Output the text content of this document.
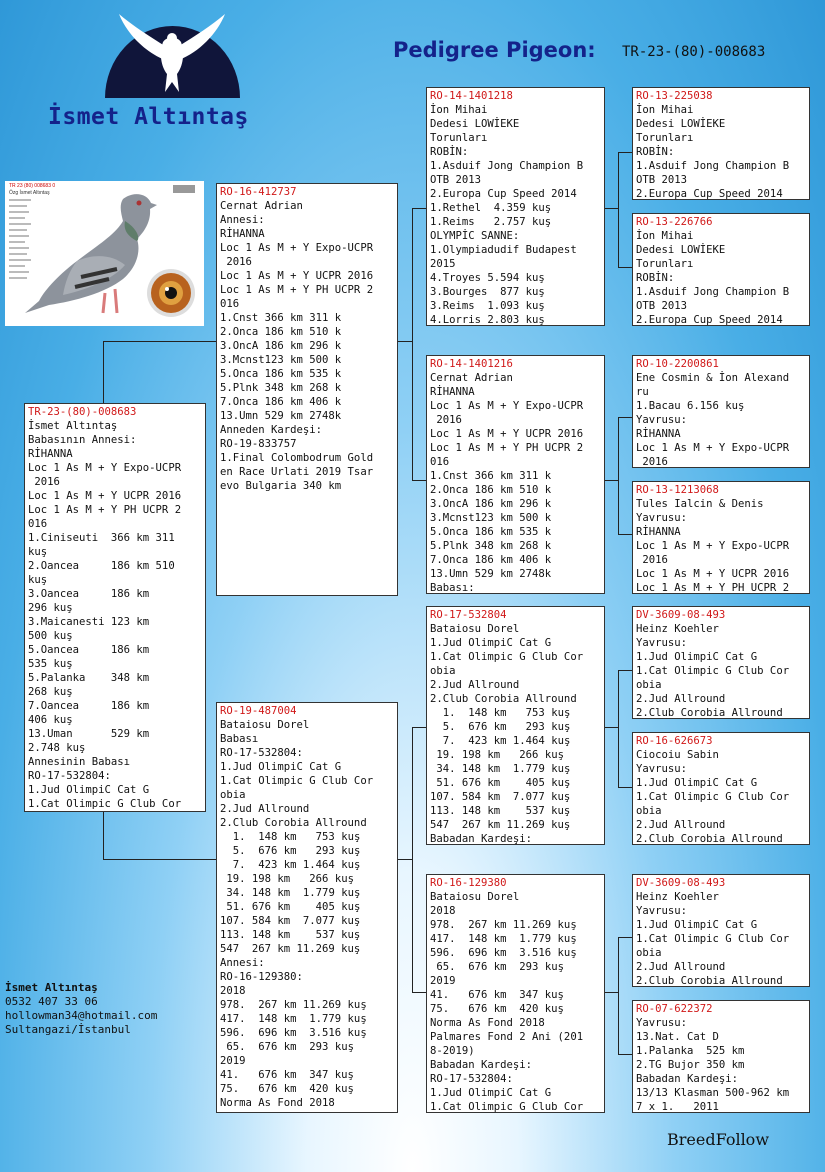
İsmet Altıntaş
Pedigree Pigeon: TR-23-(80)-008683
TR 23 (80) 008683 0
Özg İsmet Altıntaş
TR-23-(80)-008683
İsmet Altıntaş
Babasının Annesi:
RİHANNA
Loc 1 As M + Y Expo-UCPR
2016
Loc 1 As M + Y UCPR 2016
Loc 1 As M + Y PH UCPR 2
016
1.Ciniseuti  366 km 311
kuş
2.Oancea     186 km 510
kuş
3.Oancea     186 km
296 kuş
3.Maicanesti 123 km
500 kuş
5.Oancea     186 km
535 kuş
5.Palanka    348 km
268 kuş
7.Oancea     186 km
406 kuş
13.Uman      529 km
2.748 kuş
Annesinin Babası
RO-17-532804:
1.Jud OlimpiC Cat G
1.Cat Olimpic G Club Cor
RO-16-412737
Cernat Adrian
Annesi:
RİHANNA
Loc 1 As M + Y Expo-UCPR
2016
Loc 1 As M + Y UCPR 2016
Loc 1 As M + Y PH UCPR 2
016
1.Cnst 366 km 311 k
2.Onca 186 km 510 k
3.OncA 186 km 296 k
3.Mcnst123 km 500 k
5.Onca 186 km 535 k
5.Plnk 348 km 268 k
7.Onca 186 km 406 k
13.Umn 529 km 2748k
Anneden Kardeşi:
RO-19-833757
1.Final Colombodrum Gold
en Race Urlati 2019 Tsar
evo Bulgaria 340 km
RO-19-487004
Bataiosu Dorel
Babası
RO-17-532804:
1.Jud OlimpiC Cat G
1.Cat Olimpic G Club Cor
obia
2.Jud Allround
2.Club Corobia Allround
1.  148 km   753 kuş
5.  676 km   293 kuş
7.  423 km 1.464 kuş
19. 198 km   266 kuş
34. 148 km  1.779 kuş
51. 676 km    405 kuş
107. 584 km  7.077 kuş
113. 148 km    537 kuş
547  267 km 11.269 kuş
Annesi:
RO-16-129380:
2018
978.  267 km 11.269 kuş
417.  148 km  1.779 kuş
596.  696 km  3.516 kuş
65.  676 km  293 kuş
2019
41.   676 km  347 kuş
75.   676 km  420 kuş
Norma As Fond 2018
RO-14-1401218
İon Mihai
Dedesi LOWİEKE
Torunları
ROBİN:
1.Asduif Jong Champion B
OTB 2013
2.Europa Cup Speed 2014
1.Rethel  4.359 kuş
1.Reims   2.757 kuş
OLYMPİC SANNE:
1.Olympiadudif Budapest
2015
4.Troyes 5.594 kuş
3.Bourges  877 kuş
3.Reims  1.093 kuş
4.Lorris 2.803 kuş
RO-14-1401216
Cernat Adrian
RİHANNA
Loc 1 As M + Y Expo-UCPR
2016
Loc 1 As M + Y UCPR 2016
Loc 1 As M + Y PH UCPR 2
016
1.Cnst 366 km 311 k
2.Onca 186 km 510 k
3.OncA 186 km 296 k
3.Mcnst123 km 500 k
5.Onca 186 km 535 k
5.Plnk 348 km 268 k
7.Onca 186 km 406 k
13.Umn 529 km 2748k
Babası:
RO-17-532804
Bataiosu Dorel
1.Jud OlimpiC Cat G
1.Cat Olimpic G Club Cor
obia
2.Jud Allround
2.Club Corobia Allround
1.  148 km   753 kuş
5.  676 km   293 kuş
7.  423 km 1.464 kuş
19. 198 km   266 kuş
34. 148 km  1.779 kuş
51. 676 km    405 kuş
107. 584 km  7.077 kuş
113. 148 km    537 kuş
547  267 km 11.269 kuş
Babadan Kardeşi:
RO-16-129380
Bataiosu Dorel
2018
978.  267 km 11.269 kuş
417.  148 km  1.779 kuş
596.  696 km  3.516 kuş
65.  676 km  293 kuş
2019
41.   676 km  347 kuş
75.   676 km  420 kuş
Norma As Fond 2018
Palmares Fond 2 Ani (201
8-2019)
Babadan Kardeşi:
RO-17-532804:
1.Jud OlimpiC Cat G
1.Cat Olimpic G Club Cor
RO-13-225038
İon Mihai
Dedesi LOWİEKE
Torunları
ROBİN:
1.Asduif Jong Champion B
OTB 2013
2.Europa Cup Speed 2014
RO-13-226766
İon Mihai
Dedesi LOWİEKE
Torunları
ROBİN:
1.Asduif Jong Champion B
OTB 2013
2.Europa Cup Speed 2014
RO-10-2200861
Ene Cosmin & İon Alexand
ru
1.Bacau 6.156 kuş
Yavrusu:
RİHANNA
Loc 1 As M + Y Expo-UCPR
2016
RO-13-1213068
Tules Ialcin & Denis
Yavrusu:
RİHANNA
Loc 1 As M + Y Expo-UCPR
2016
Loc 1 As M + Y UCPR 2016
Loc 1 As M + Y PH UCPR 2
DV-3609-08-493
Heinz Koehler
Yavrusu:
1.Jud OlimpiC Cat G
1.Cat Olimpic G Club Cor
obia
2.Jud Allround
2.Club Corobia Allround
RO-16-626673
Ciocoiu Sabin
Yavrusu:
1.Jud OlimpiC Cat G
1.Cat Olimpic G Club Cor
obia
2.Jud Allround
2.Club Corobia Allround
DV-3609-08-493
Heinz Koehler
Yavrusu:
1.Jud OlimpiC Cat G
1.Cat Olimpic G Club Cor
obia
2.Jud Allround
2.Club Corobia Allround
RO-07-622372
Yavrusu:
13.Nat. Cat D
1.Palanka  525 km
2.TG Bujor 350 km
Babadan Kardeşi:
13/13 Klasman 500-962 km
7 x 1.   2011
İsmet Altıntaş
0532 407 33 06
hollowman34@hotmail.com
Sultangazi/İstanbul
BreedFollow
